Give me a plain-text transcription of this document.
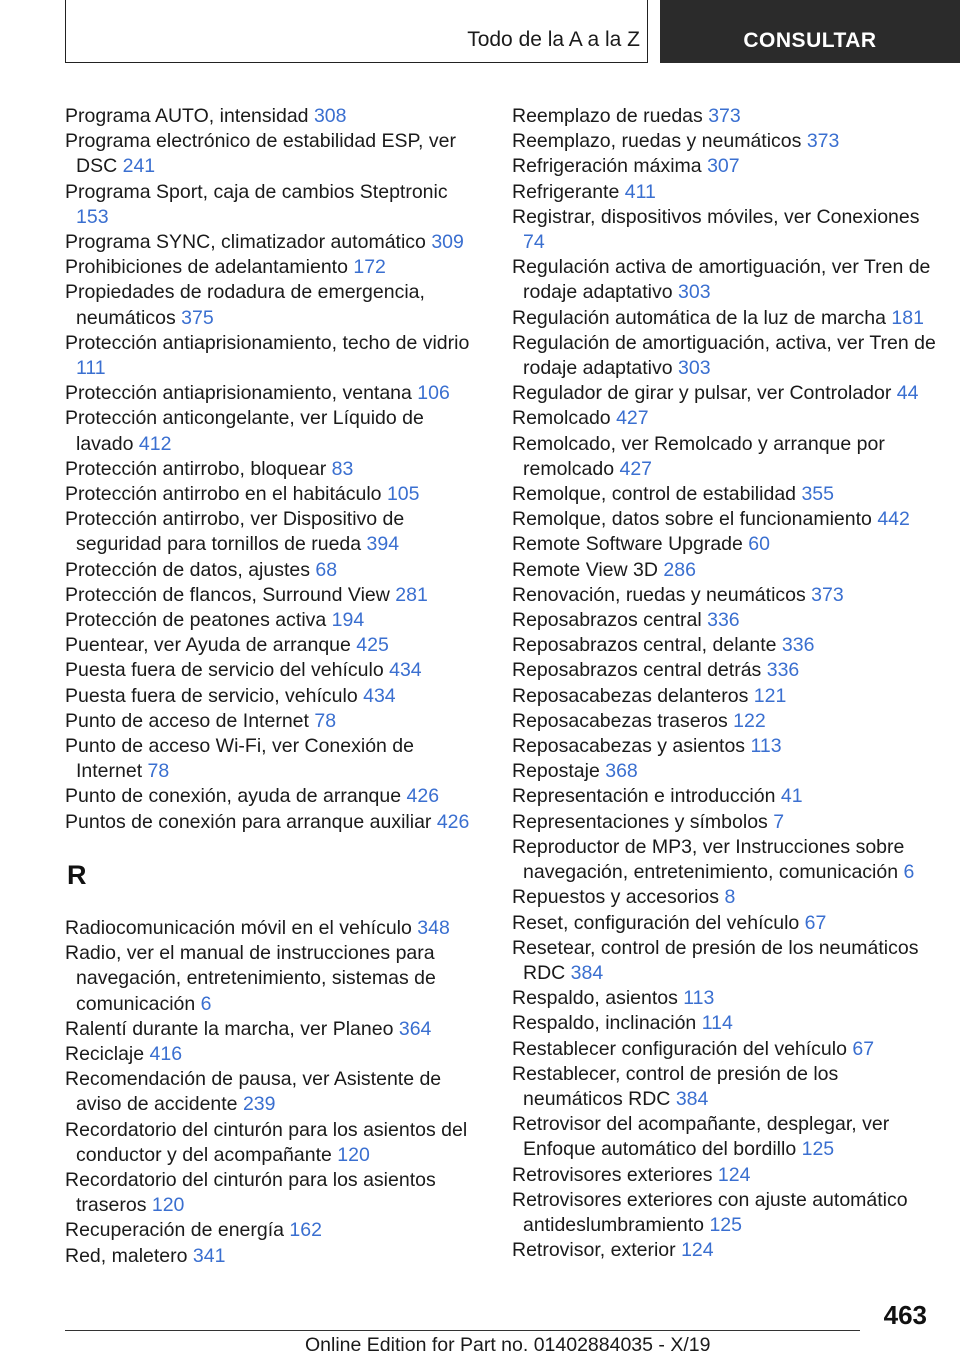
Todo de la A a la Z	CONSULTAR
Programa AUTO, intensidad 308
Programa electrónico de estabilidad ESP, ver DSC 241
Programa Sport, caja de cambios Steptronic 153
Programa SYNC, climatizador automático 309
Prohibiciones de adelantamiento 172
Propiedades de rodadura de emergencia, neumáticos 375
Protección antiaprisionamiento, techo de vidrio 111
Protección antiaprisionamiento, ventana 106
Protección anticongelante, ver Líquido de lavado 412
Protección antirrobo, bloquear 83
Protección antirrobo en el habitáculo 105
Protección antirrobo, ver Dispositivo de seguridad para tornillos de rueda 394
Protección de datos, ajustes 68
Protección de flancos, Surround View 281
Protección de peatones activa 194
Puentear, ver Ayuda de arranque 425
Puesta fuera de servicio del vehículo 434
Puesta fuera de servicio, vehículo 434
Punto de acceso de Internet 78
Punto de acceso Wi-Fi, ver Conexión de Internet 78
Punto de conexión, ayuda de arranque 426
Puntos de conexión para arranque auxiliar 426
R
Radiocomunicación móvil en el vehículo 348
Radio, ver el manual de instrucciones para navegación, entretenimiento, sistemas de comunicación 6
Ralentí durante la marcha, ver Planeo 364
Reciclaje 416
Recomendación de pausa, ver Asistente de aviso de accidente 239
Recordatorio del cinturón para los asientos del conductor y del acompañante 120
Recordatorio del cinturón para los asientos traseros 120
Recuperación de energía 162
Red, maletero 341
Reemplazo de ruedas 373
Reemplazo, ruedas y neumáticos 373
Refrigeración máxima 307
Refrigerante 411
Registrar, dispositivos móviles, ver Conexiones 74
Regulación activa de amortiguación, ver Tren de rodaje adaptativo 303
Regulación automática de la luz de marcha 181
Regulación de amortiguación, activa, ver Tren de rodaje adaptativo 303
Regulador de girar y pulsar, ver Controlador 44
Remolcado 427
Remolcado, ver Remolcado y arranque por remolcado 427
Remolque, control de estabilidad 355
Remolque, datos sobre el funcionamiento 442
Remote Software Upgrade 60
Remote View 3D 286
Renovación, ruedas y neumáticos 373
Reposabrazos central 336
Reposabrazos central, delante 336
Reposabrazos central detrás 336
Reposacabezas delanteros 121
Reposacabezas traseros 122
Reposacabezas y asientos 113
Repostaje 368
Representación e introducción 41
Representaciones y símbolos 7
Reproductor de MP3, ver Instrucciones sobre navegación, entretenimiento, comunicación 6
Repuestos y accesorios 8
Reset, configuración del vehículo 67
Resetear, control de presión de los neumáticos RDC 384
Respaldo, asientos 113
Respaldo, inclinación 114
Restablecer configuración del vehículo 67
Restablecer, control de presión de los neumáticos RDC 384
Retrovisor del acompañante, desplegar, ver Enfoque automático del bordillo 125
Retrovisores exteriores 124
Retrovisores exteriores con ajuste automático antideslumbramiento 125
Retrovisor, exterior 124
463
Online Edition for Part no. 01402884035 - X/19
